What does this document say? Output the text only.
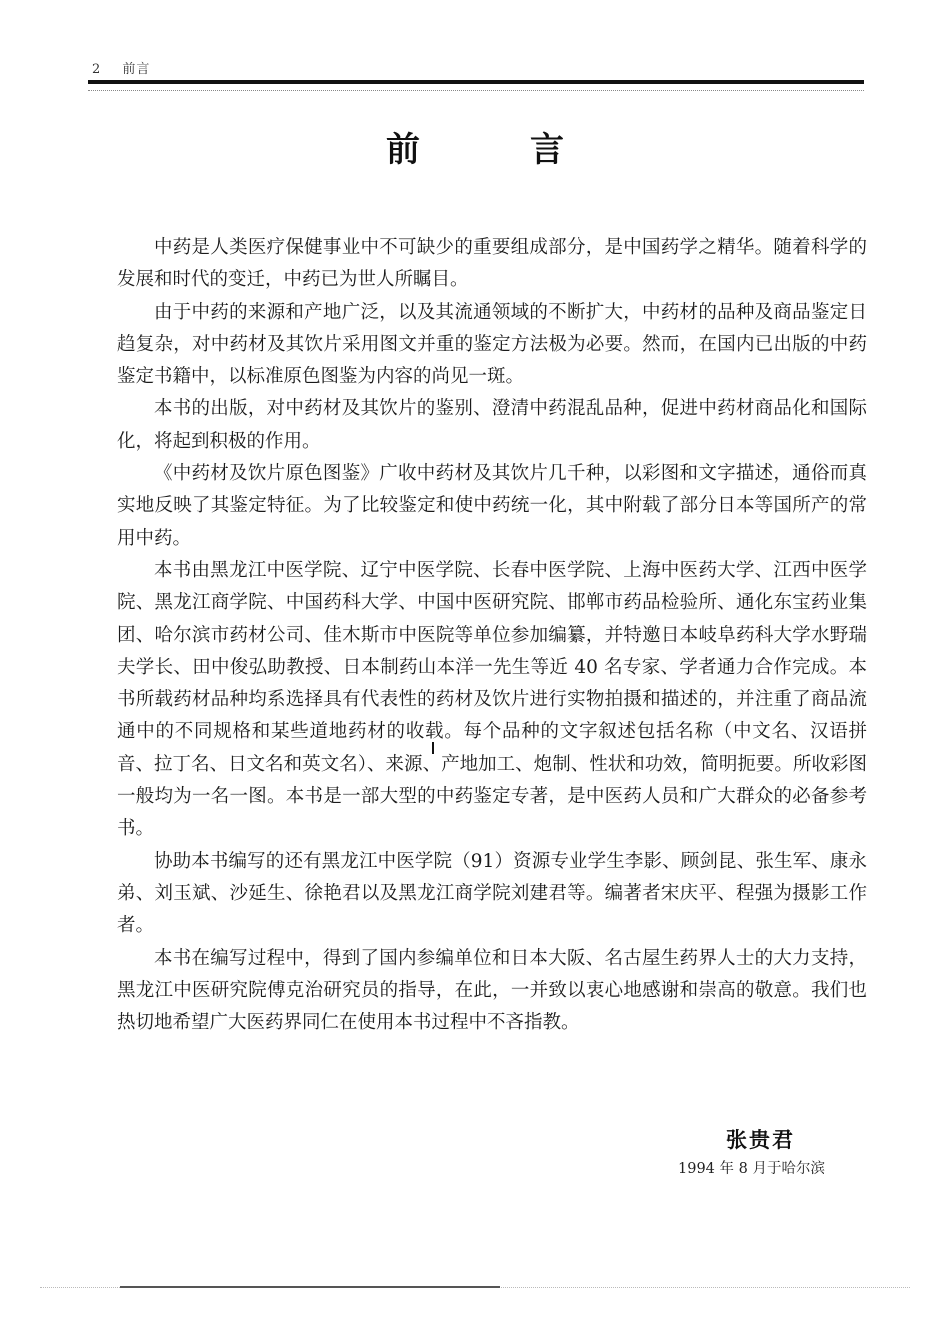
2 前言
前言

中药是人类医疗保健事业中不可缺少的重要组成部分，是中国药学之精华。随着科学的发展和时代的变迁，中药已为世人所瞩目。

由于中药的来源和产地广泛，以及其流通领域的不断扩大，中药材的品种及商品鉴定日趋复杂，对中药材及其饮片采用图文并重的鉴定方法极为必要。然而，在国内已出版的中药鉴定书籍中，以标准原色图鉴为内容的尚见一斑。

本书的出版，对中药材及其饮片的鉴别、澄清中药混乱品种，促进中药材商品化和国际化，将起到积极的作用。

《中药材及饮片原色图鉴》广收中药材及其饮片几千种，以彩图和文字描述，通俗而真实地反映了其鉴定特征。为了比较鉴定和使中药统一化，其中附载了部分日本等国所产的常用中药。

本书由黑龙江中医学院、辽宁中医学院、长春中医学院、上海中医药大学、江西中医学院、黑龙江商学院、中国药科大学、中国中医研究院、邯郸市药品检验所、通化东宝药业集团、哈尔滨市药材公司、佳木斯市中医院等单位参加编纂，并特邀日本岐阜药科大学水野瑞夫学长、田中俊弘助教授、日本制药山本洋一先生等近 40 名专家、学者通力合作完成。本书所载药材品种均系选择具有代表性的药材及饮片进行实物拍摄和描述的，并注重了商品流通中的不同规格和某些道地药材的收载。每个品种的文字叙述包括名称（中文名、汉语拼音、拉丁名、日文名和英文名）、来源、产地加工、炮制、性状和功效，简明扼要。所收彩图一般均为一名一图。本书是一部大型的中药鉴定专著，是中医药人员和广大群众的必备参考书。

协助本书编写的还有黑龙江中医学院（91）资源专业学生李影、顾剑昆、张生军、康永弟、刘玉斌、沙延生、徐艳君以及黑龙江商学院刘建君等。编著者宋庆平、程强为摄影工作者。

本书在编写过程中，得到了国内参编单位和日本大阪、名古屋生药界人士的大力支持，黑龙江中医研究院傅克治研究员的指导，在此，一并致以衷心地感谢和崇高的敬意。我们也热切地希望广大医药界同仁在使用本书过程中不吝指教。

张贵君
1994 年 8 月于哈尔滨
